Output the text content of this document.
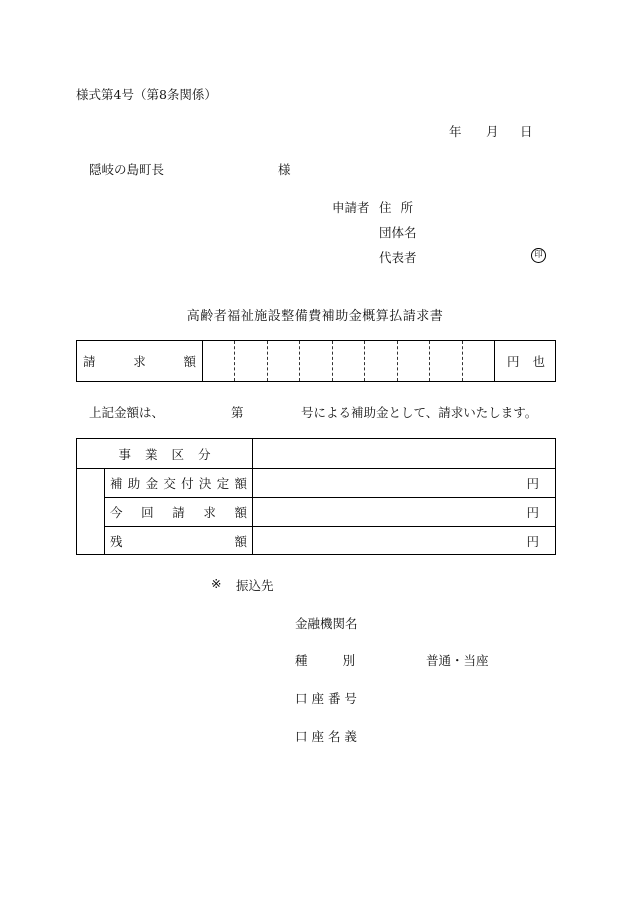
様式第4号（第8条関係）
年 月 日
隠岐の島町長	様
申請者 住 所
団体名
代表者	印
高齢者福祉施設整備費補助金概算払請求書
請	求	額	円 也
上記金額は、	第	号による補助金として、請求いたします。
事 業 区 分
補 助 金 交 付 決 定 額	円
今 回 請 求 額	円
残	額	円
※ 振込先
金融機関名
種	別	普通・当座
口 座 番 号
口 座 名 義
